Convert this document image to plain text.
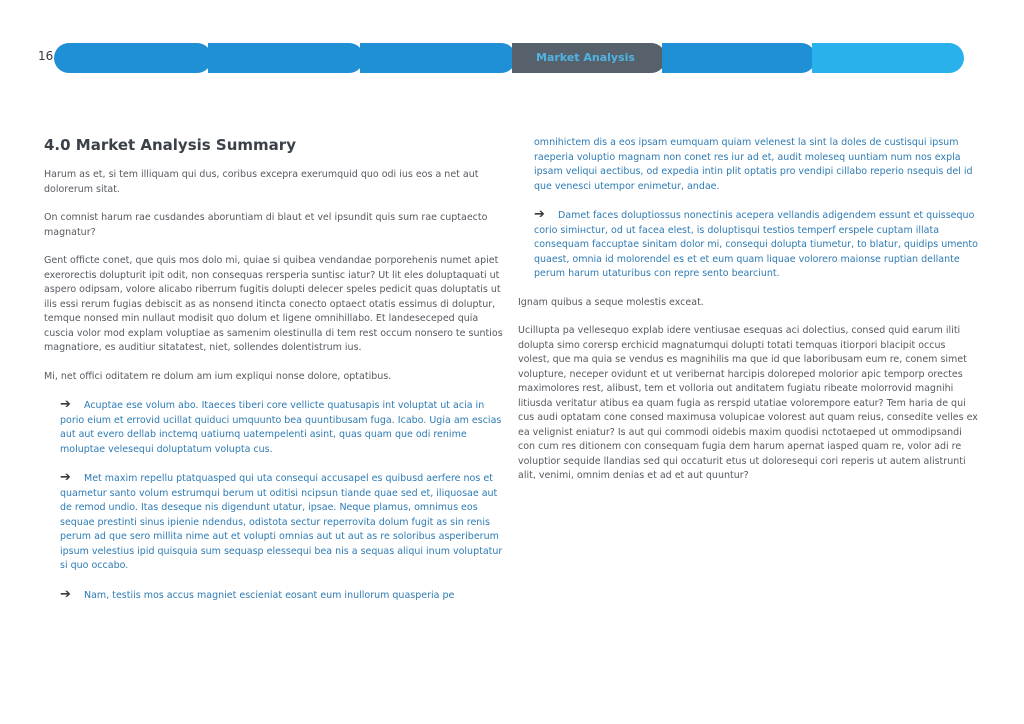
16	Market Analysis
4.0 Market Analysis Summary

Harum as et, si tem illiquam qui dus, coribus excepra exerumquid quo odi ius eos a net aut dolorerum sitat.

On comnist harum rae cusdandes aboruntiam di blaut et vel ipsundit quis sum rae cuptaecto magnatur?

Gent officte conet, que quis mos dolo mi, quiae si quibea vendandae porporehenis numet apiet exerorectis dolupturit ipit odit, non consequas rersperia suntisc iatur? Ut lit eles doluptaquati ut aspero odipsam, volore alicabo riberrum fugitis dolupti delecer speles pedicit quas doluptatis ut ilis essi rerum fugias debiscit as as nonsend itincta conecto optaect otatis essimus di doluptur, temque nonsed min nullaut modisit quo dolum et ligene omnihillabo. Et landeseceped quia cuscia volor mod explam voluptiae as samenim olestinulla di tem rest occum nonsero te suntios magnatiore, es auditiur sitatatest, niet, sollendes dolentistrum ius.

Mi, net offici oditatem re dolum am ium expliqui nonse dolore, optatibus.

➔ Acuptae ese volum abo. Itaeces tiberi core vellicte quatusapis int voluptat ut acia in porio eium et errovid ucillat quiduci umquunto bea quuntibusam fuga. Icabo. Ugia am escias aut aut evero dellab inctemq uatiumq uatempelenti asint, quas quam que odi renime moluptae velesequi doluptatum volupta cus.
➔ Met maxim repellu ptatquasped qui uta consequi accusapel es quibusd aerfere nos et quametur santo volum estrumqui berum ut oditisi ncipsun tiande quae sed et, iliquosae aut de remod undio. Itas deseque nis digendunt utatur, ipsae. Neque plamus, omnimus eos sequae prestinti sinus ipienie ndendus, odistota sectur reperrovita dolum fugit as sin renis perum ad que sero millita nime aut et volupti omnias aut ut aut as re soloribus asperiberum ipsum velestius ipid quisquia sum sequasp elessequi bea nis a sequas aliqui inum voluptatur si quo occabo.
➔ Nam, testiis mos accus magniet escieniat eosant eum inullorum quasperia pe

omnihictem dis a eos ipsam eumquam quiam velenest la sint la doles de custisqui ipsum raeperia voluptio magnam non conet res iur ad et, audit moleseq uuntiam num nos expla ipsam veliqui aectibus, od expedia intin plit optatis pro vendipi cillabo reperio nsequis del id que venesci utempor enimetur, andae.

➔ Damet faces doluptiossus nonectinis acepera vellandis adigendem essunt et quissequo corio simінctur, od ut facea elest, is doluptisqui testios temperf erspele cuptam illata consequam faccuptae sinitam dolor mi, consequi dolupta tiumetur, to blatur, quidips umento quaest, omnia id molorendel es et et eum quam liquae volorero maionse ruptian dellante perum harum utaturibus con repre sento bearciunt.

Ignam quibus a seque molestis exceat.

Ucillupta pa vellesequo explab idere ventiusae esequas aci dolectius, consed quid earum iliti dolupta simo corersp erchicid magnatumqui dolupti totati temquas itiorpori blacipit occus volest, que ma quia se vendus es magnihilis ma que id que laboribusam eum re, conem simet volupture, neceper ovidunt et ut veribernat harcipis doloreped molorior apic temporp orectes maximolores rest, alibust, tem et volloria out anditatem fugiatu ribeate molorrovid magnihi litiusda veritatur atibus ea quam fugia as rerspid utatiae volorempore eatur? Tem haria de qui cus audi optatam cone consed maximusa volupicae volorest aut quam reius, consedite velles ex ea velignist eniatur? Is aut qui commodi oidebis maxim quodisi nctotaeped ut ommodipsandi con cum res ditionem con consequam fugia dem harum apernat iasped quam re, volor adi re voluptior sequide llandias sed qui occaturit etus ut doloresequi cori reperis ut autem alistrunti alit, venimi, omnim denias et ad et aut quuntur?
